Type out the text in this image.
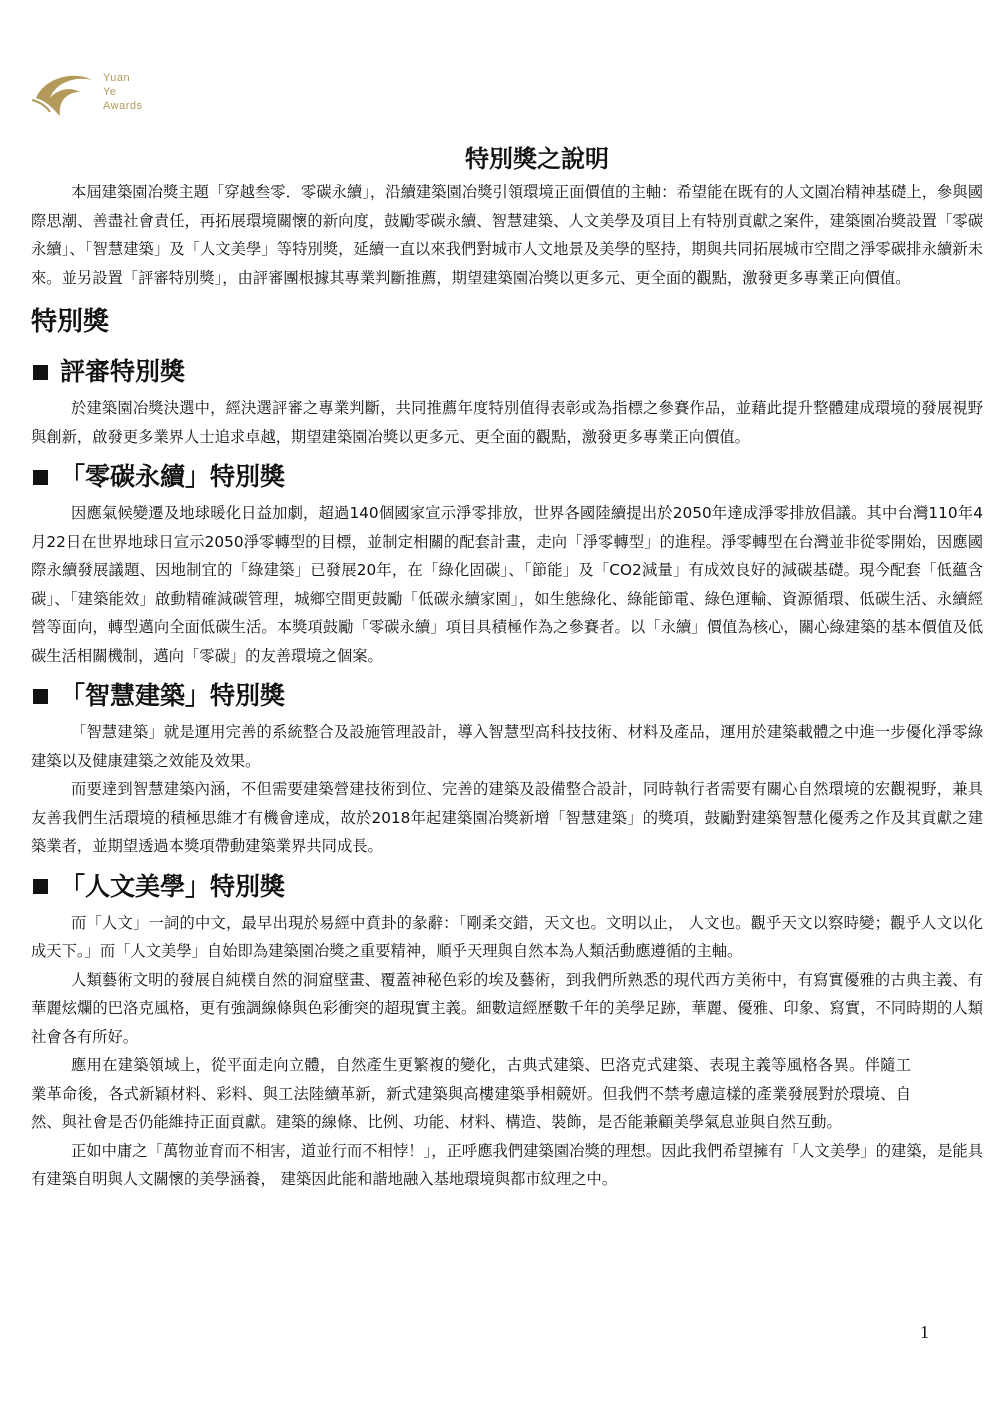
Yuan
Ye
Awards
特別獎之說明

本屆建築園冶獎主題「穿越叁零．零碳永續」，沿續建築園冶獎引領環境正面價值的主軸：希望能在既有的人文園冶精神基礎上，參與國際思潮、善盡社會責任，再拓展環境關懷的新向度，鼓勵零碳永續、智慧建築、人文美學及項目上有特別貢獻之案件，建築園冶獎設置「零碳永續」、「智慧建築」及「人文美學」等特別獎，延續一直以來我們對城市人文地景及美學的堅持，期與共同拓展城市空間之淨零碳排永續新未來。並另設置「評審特別獎」，由評審團根據其專業判斷推薦，期望建築園冶獎以更多元、更全面的觀點，激發更多專業正向價值。

特別獎
評審特別獎

於建築園冶獎決選中，經決選評審之專業判斷，共同推薦年度特別值得表彰或為指標之參賽作品，並藉此提升整體建成環境的發展視野與創新，啟發更多業界人士追求卓越，期望建築園冶獎以更多元、更全面的觀點，激發更多專業正向價值。

「零碳永續」特別獎

因應氣候變遷及地球暖化日益加劇，超過140個國家宣示淨零排放，世界各國陸續提出於2050年達成淨零排放倡議。其中台灣110年4月22日在世界地球日宣示2050淨零轉型的目標，並制定相關的配套計畫，走向「淨零轉型」的進程。淨零轉型在台灣並非從零開始，因應國際永續發展議題、因地制宜的「綠建築」已發展20年，在「綠化固碳」、「節能」及「CO2減量」有成效良好的減碳基礎。現今配套「低蘊含碳」、「建築能效」啟動精確減碳管理，城鄉空間更鼓勵「低碳永續家園」，如生態綠化、綠能節電、綠色運輸、資源循環、低碳生活、永續經營等面向，轉型邁向全面低碳生活。本獎項鼓勵「零碳永續」項目具積極作為之參賽者。以「永續」價值為核心，關心綠建築的基本價值及低碳生活相關機制，邁向「零碳」的友善環境之個案。

「智慧建築」特別獎

「智慧建築」就是運用完善的系統整合及設施管理設計，導入智慧型高科技技術、材料及產品，運用於建築載體之中進一步優化淨零綠建築以及健康建築之效能及效果。

而要達到智慧建築內涵，不但需要建築營建技術到位、完善的建築及設備整合設計，同時執行者需要有關心自然環境的宏觀視野，兼具友善我們生活環境的積極思維才有機會達成，故於2018年起建築園冶獎新增「智慧建築」的獎項，鼓勵對建築智慧化優秀之作及其貢獻之建築業者，並期望透過本獎項帶動建築業界共同成長。

「人文美學」特別獎

而「人文」一詞的中文，最早出現於易經中賁卦的彖辭：「剛柔交錯，天文也。文明以止， 人文也。觀乎天文以察時變；觀乎人文以化成天下。」而「人文美學」自始即為建築園冶獎之重要精神，順乎天理與自然本為人類活動應遵循的主軸。

人類藝術文明的發展自純樸自然的洞窟壁畫、覆蓋神秘色彩的埃及藝術，到我們所熟悉的現代西方美術中，有寫實優雅的古典主義、有華麗炫爛的巴洛克風格，更有強調線條與色彩衝突的超現實主義。細數這經歷數千年的美學足跡，華麗、優雅、印象、寫實，不同時期的人類社會各有所好。

應用在建築領域上，從平面走向立體，自然產生更繁複的變化，古典式建築、巴洛克式建築、表現主義等風格各異。伴隨工業革命後，各式新穎材料、彩料、與工法陸續革新，新式建築與高樓建築爭相競妍。但我們不禁考慮這樣的產業發展對於環境、自然、與社會是否仍能維持正面貢獻。建築的線條、比例、功能、材料、構造、裝飾，是否能兼顧美學氣息並與自然互動。

正如中庸之「萬物並育而不相害，道並行而不相悖！」，正呼應我們建築園冶獎的理想。因此我們希望擁有「人文美學」的建築，是能具有建築自明與人文關懷的美學涵養， 建築因此能和諧地融入基地環境與都市紋理之中。

1
